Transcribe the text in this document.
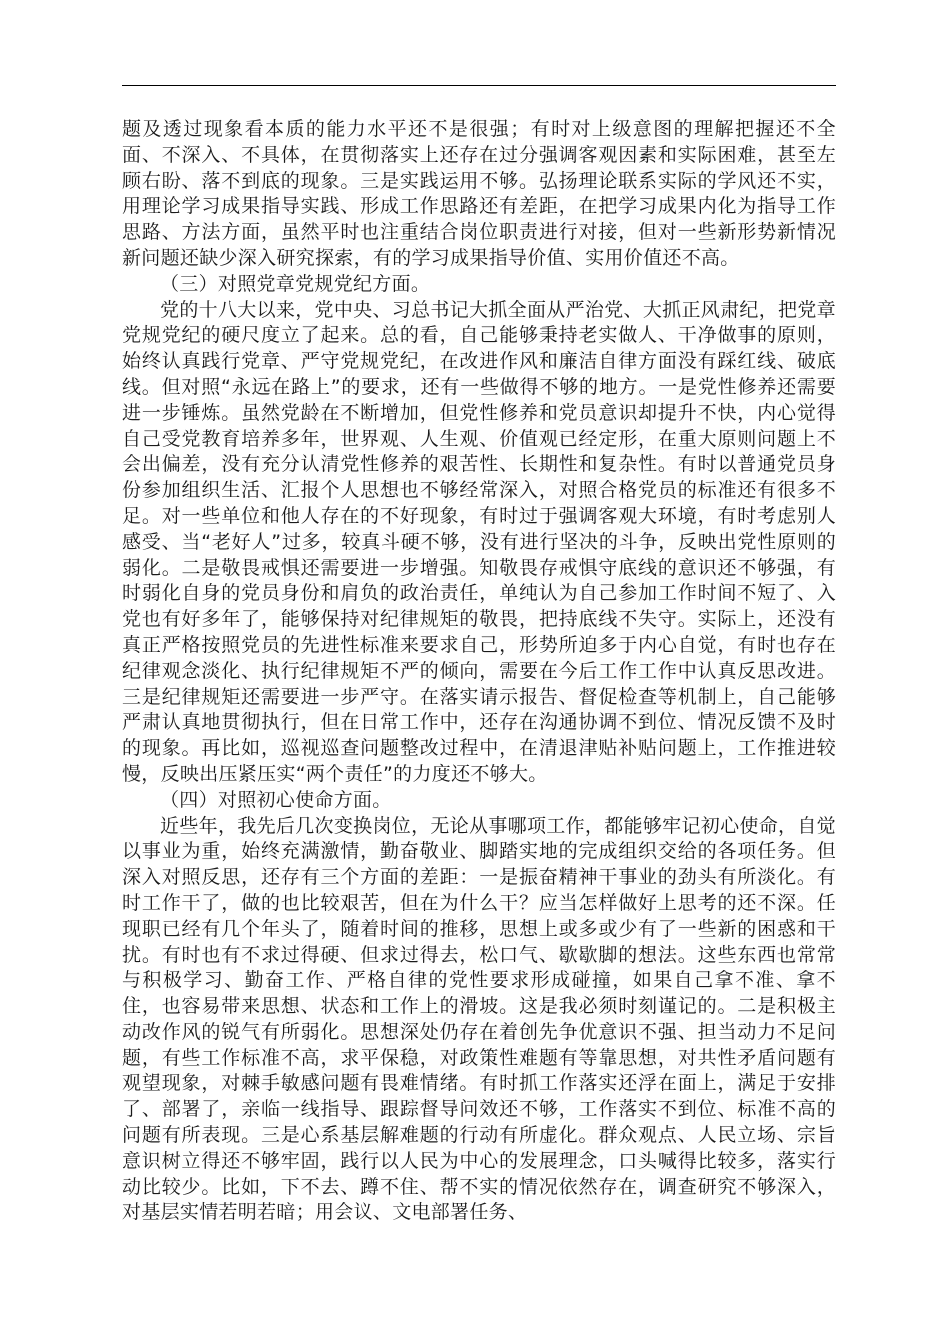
题及透过现象看本质的能力水平还不是很强；有时对上级意图的理解把握还不全面、不深入、不具体，在贯彻落实上还存在过分强调客观因素和实际困难，甚至左顾右盼、落不到底的现象。三是实践运用不够。弘扬理论联系实际的学风还不实，用理论学习成果指导实践、形成工作思路还有差距，在把学习成果内化为指导工作思路、方法方面，虽然平时也注重结合岗位职责进行对接，但对一些新形势新情况新问题还缺少深入研究探索，有的学习成果指导价值、实用价值还不高。

（三）对照党章党规党纪方面。

党的十八大以来，党中央、习总书记大抓全面从严治党、大抓正风肃纪，把党章党规党纪的硬尺度立了起来。总的看，自己能够秉持老实做人、干净做事的原则，始终认真践行党章、严守党规党纪，在改进作风和廉洁自律方面没有踩红线、破底线。但对照“永远在路上”的要求，还有一些做得不够的地方。一是党性修养还需要进一步锤炼。虽然党龄在不断增加，但党性修养和党员意识却提升不快，内心觉得自己受党教育培养多年，世界观、人生观、价值观已经定形，在重大原则问题上不会出偏差，没有充分认清党性修养的艰苦性、长期性和复杂性。有时以普通党员身份参加组织生活、汇报个人思想也不够经常深入，对照合格党员的标准还有很多不足。对一些单位和他人存在的不好现象，有时过于强调客观大环境，有时考虑别人感受、当“老好人”过多，较真斗硬不够，没有进行坚决的斗争，反映出党性原则的弱化。二是敬畏戒惧还需要进一步增强。知敬畏存戒惧守底线的意识还不够强，有时弱化自身的党员身份和肩负的政治责任，单纯认为自己参加工作时间不短了、入党也有好多年了，能够保持对纪律规矩的敬畏，把持底线不失守。实际上，还没有真正严格按照党员的先进性标准来要求自己，形势所迫多于内心自觉，有时也存在纪律观念淡化、执行纪律规矩不严的倾向，需要在今后工作工作中认真反思改进。三是纪律规矩还需要进一步严守。在落实请示报告、督促检查等机制上，自己能够严肃认真地贯彻执行，但在日常工作中，还存在沟通协调不到位、情况反馈不及时的现象。再比如，巡视巡查问题整改过程中，在清退津贴补贴问题上，工作推进较慢，反映出压紧压实“两个责任”的力度还不够大。

（四）对照初心使命方面。

近些年，我先后几次变换岗位，无论从事哪项工作，都能够牢记初心使命，自觉以事业为重，始终充满激情，勤奋敬业、脚踏实地的完成组织交给的各项任务。但深入对照反思，还存有三个方面的差距：一是振奋精神干事业的劲头有所淡化。有时工作干了，做的也比较艰苦，但在为什么干？应当怎样做好上思考的还不深。任现职已经有几个年头了，随着时间的推移，思想上或多或少有了一些新的困惑和干扰。有时也有不求过得硬、但求过得去，松口气、歇歇脚的想法。这些东西也常常与积极学习、勤奋工作、严格自律的党性要求形成碰撞，如果自己拿不准、拿不住，也容易带来思想、状态和工作上的滑坡。这是我必须时刻谨记的。二是积极主动改作风的锐气有所弱化。思想深处仍存在着创先争优意识不强、担当动力不足问题，有些工作标准不高，求平保稳，对政策性难题有等靠思想，对共性矛盾问题有观望现象，对棘手敏感问题有畏难情绪。有时抓工作落实还浮在面上，满足于安排了、部署了，亲临一线指导、跟踪督导问效还不够，工作落实不到位、标准不高的问题有所表现。三是心系基层解难题的行动有所虚化。群众观点、人民立场、宗旨意识树立得还不够牢固，践行以人民为中心的发展理念，口头喊得比较多，落实行动比较少。比如，下不去、蹲不住、帮不实的情况依然存在，调查研究不够深入，对基层实情若明若暗；用会议、文电部署任务、
